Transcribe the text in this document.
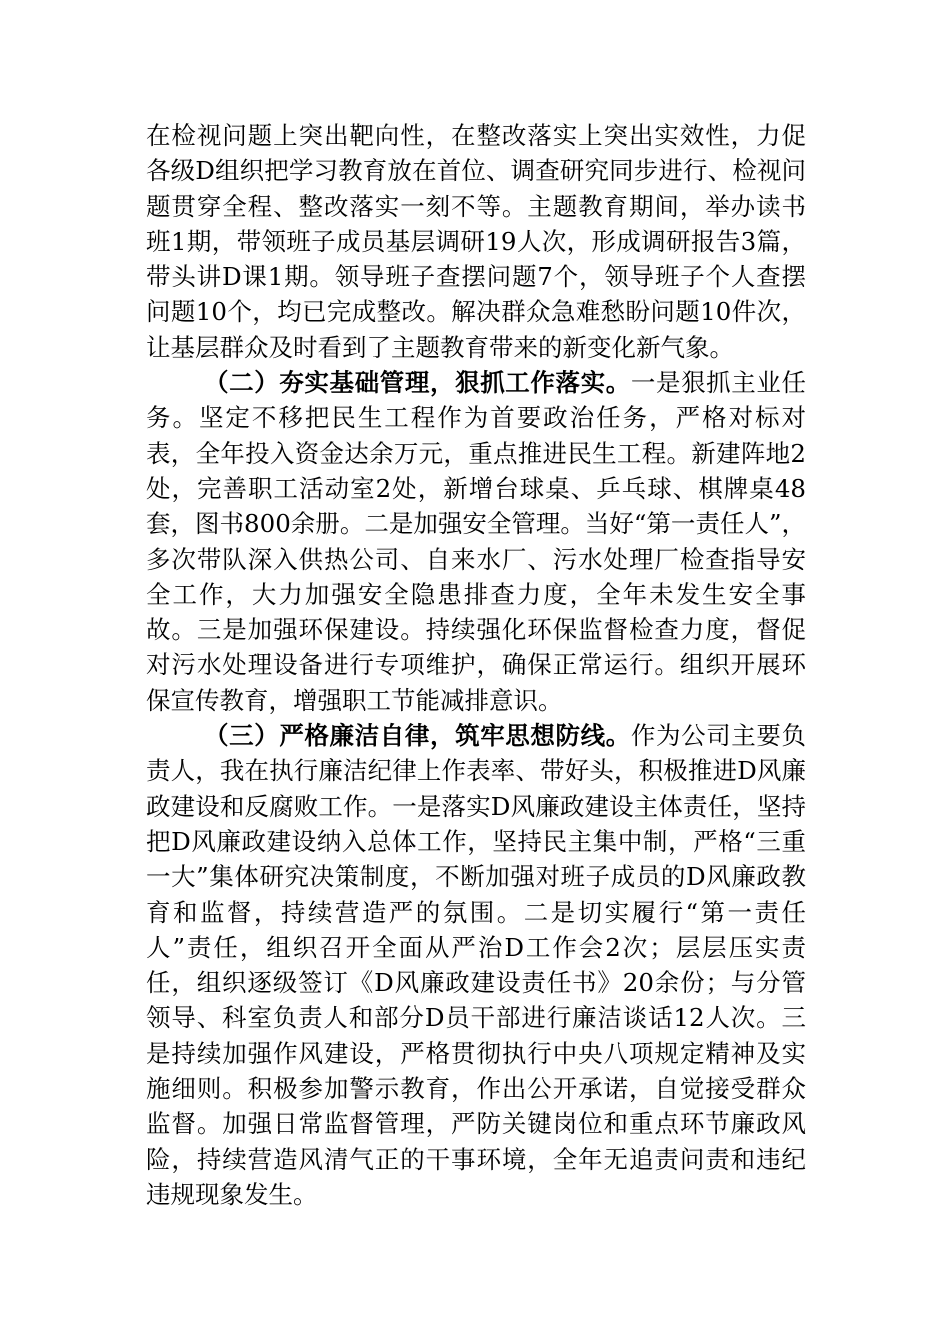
在检视问题上突出靶向性，在整改落实上突出实效性，力促各级D组织把学习教育放在首位、调查研究同步进行、检视问题贯穿全程、整改落实一刻不等。主题教育期间，举办读书班1期，带领班子成员基层调研19人次，形成调研报告3篇，带头讲D课1期。领导班子查摆问题7个，领导班子个人查摆问题10个，均已完成整改。解决群众急难愁盼问题10件次，让基层群众及时看到了主题教育带来的新变化新气象。

（二）夯实基础管理，狠抓工作落实。一是狠抓主业任务。坚定不移把民生工程作为首要政治任务，严格对标对表，全年投入资金达余万元，重点推进民生工程。新建阵地2处，完善职工活动室2处，新增台球桌、乒乓球、棋牌桌48套，图书800余册。二是加强安全管理。当好“第一责任人”，多次带队深入供热公司、自来水厂、污水处理厂检查指导安全工作，大力加强安全隐患排查力度，全年未发生安全事故。三是加强环保建设。持续强化环保监督检查力度，督促对污水处理设备进行专项维护，确保正常运行。组织开展环保宣传教育，增强职工节能减排意识。

（三）严格廉洁自律，筑牢思想防线。作为公司主要负责人，我在执行廉洁纪律上作表率、带好头，积极推进D风廉政建设和反腐败工作。一是落实D风廉政建设主体责任，坚持把D风廉政建设纳入总体工作，坚持民主集中制，严格“三重一大”集体研究决策制度，不断加强对班子成员的D风廉政教育和监督，持续营造严的氛围。二是切实履行“第一责任人”责任，组织召开全面从严治D工作会2次；层层压实责任，组织逐级签订《D风廉政建设责任书》20余份；与分管领导、科室负责人和部分D员干部进行廉洁谈话12人次。三是持续加强作风建设，严格贯彻执行中央八项规定精神及实施细则。积极参加警示教育，作出公开承诺，自觉接受群众监督。加强日常监督管理，严防关键岗位和重点环节廉政风险，持续营造风清气正的干事环境，全年无追责问责和违纪违规现象发生。
